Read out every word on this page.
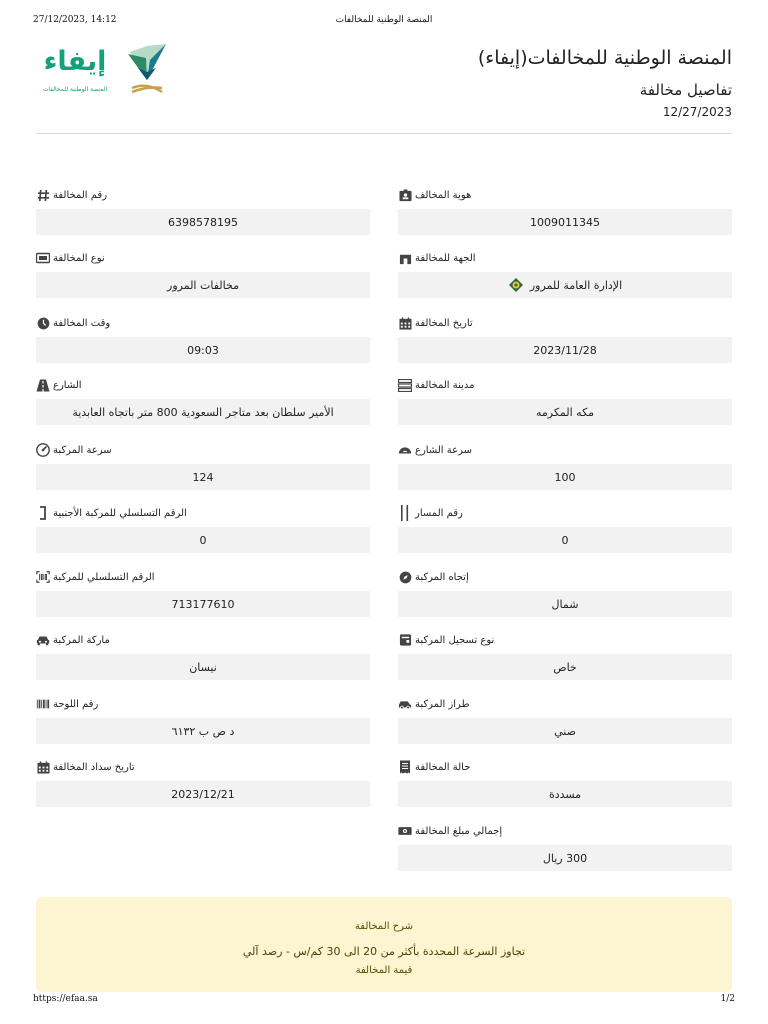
27/12/2023, 14:12	المنصة الوطنية للمخالفات
إيفاء
المنصة الوطنية للمخالفات
المنصة الوطنية للمخالفات(إيفاء)
تفاصيل مخالفة
12/27/2023
هوية المخالف
1009011345
رقم المخالفة
6398578195
الجهة للمخالفة
الإدارة العامة للمرور
نوع المخالفة
مخالفات المرور
تاريخ المخالفة
2023/11/28
وقت المخالفة
09:03
مدينة المخالفة
مكه المكرمه
الشارع
الأمير سلطان بعد متاجر السعودية 800 متر باتجاه العابدية
سرعة الشارع
100
سرعة المركبة
124
رقم المسار
0
الرقم التسلسلي للمركبة الأجنبية
0
إتجاه المركبة
شمال
الرقم التسلسلي للمركبة
713177610
نوع تسجيل المركبة
خاص
ماركة المركبة
نيسان
طراز المركبة
صني
رقم اللوحة
د ص ب ٦١٣٢
حالة المخالفة
مسددة
تاريخ سداد المخالفة
2023/12/21
إجمالي مبلغ المخالفة
300 ريال
شرح المخالفة
تجاوز السرعة المحددة بأكثر من 20 الى 30 كم/س - رصد آلي
قيمة المخالفة
https://efaa.sa	1/2
